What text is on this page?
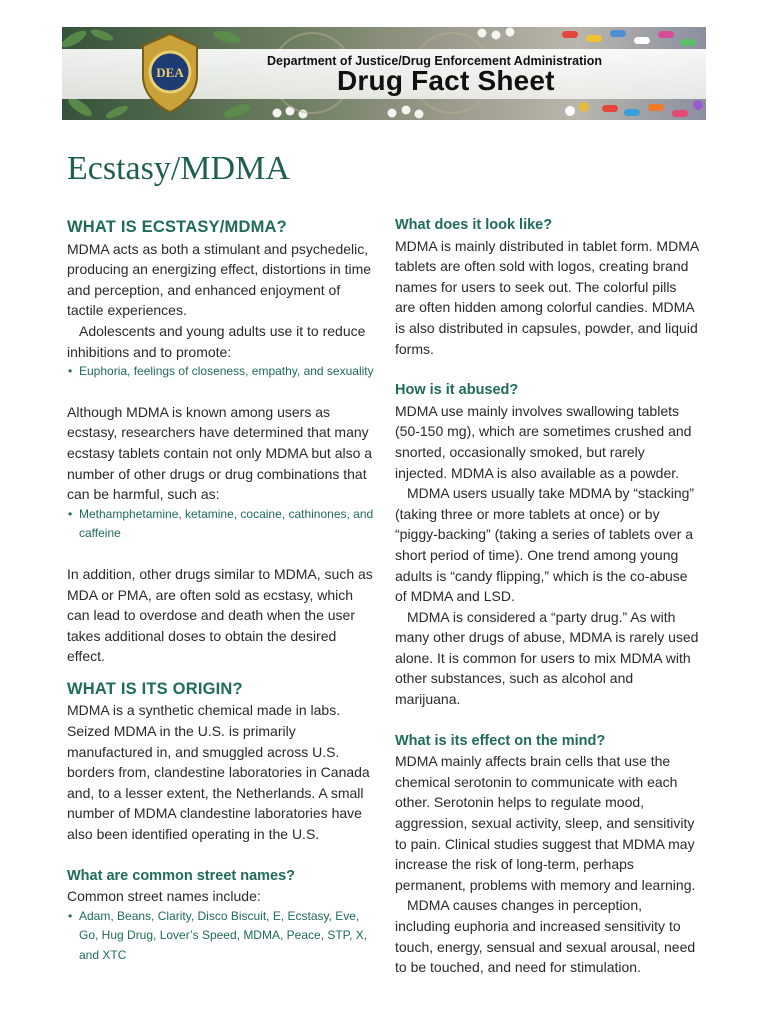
DEA
Department of Justice/Drug Enforcement Administration
Drug Fact Sheet
Ecstasy/MDMA
WHAT IS ECSTASY/MDMA?

MDMA acts as both a stimulant and psychedelic, producing an energizing effect, distortions in time and perception, and enhanced enjoyment of tactile experiences.

Adolescents and young adults use it to reduce inhibitions and to promote:

• Euphoria, feelings of closeness, empathy, and sexuality

Although MDMA is known among users as ecstasy, researchers have determined that many ecstasy tablets contain not only MDMA but also a number of other drugs or drug combinations that can be harmful, such as:

• Methamphetamine, ketamine, cocaine, cathinones, and caffeine

In addition, other drugs similar to MDMA, such as MDA or PMA, are often sold as ecstasy, which can lead to overdose and death when the user takes additional doses to obtain the desired effect.

WHAT IS ITS ORIGIN?

MDMA is a synthetic chemical made in labs. Seized MDMA in the U.S. is primarily manufactured in, and smuggled across U.S. borders from, clandestine laboratories in Canada and, to a lesser extent, the Netherlands. A small number of MDMA clandestine laboratories have also been identified operating in the U.S.

What are common street names?

Common street names include:

• Adam, Beans, Clarity, Disco Biscuit, E, Ecstasy, Eve, Go, Hug Drug, Lover’s Speed, MDMA, Peace, STP, X, and XTC

What does it look like?

MDMA is mainly distributed in tablet form. MDMA tablets are often sold with logos, creating brand names for users to seek out. The colorful pills are often hidden among colorful candies. MDMA is also distributed in capsules, powder, and liquid forms.

How is it abused?

MDMA use mainly involves swallowing tablets (50-150 mg), which are sometimes crushed and snorted, occasionally smoked, but rarely injected. MDMA is also available as a powder.

MDMA users usually take MDMA by “stacking” (taking three or more tablets at once) or by “piggy-backing” (taking a series of tablets over a short period of time). One trend among young adults is “candy flipping,” which is the co-abuse of MDMA and LSD.

MDMA is considered a “party drug.” As with many other drugs of abuse, MDMA is rarely used alone. It is common for users to mix MDMA with other substances, such as alcohol and marijuana.

What is its effect on the mind?

MDMA mainly affects brain cells that use the chemical serotonin to communicate with each other. Serotonin helps to regulate mood, aggression, sexual activity, sleep, and sensitivity to pain. Clinical studies suggest that MDMA may increase the risk of long-term, perhaps permanent, problems with memory and learning.

MDMA causes changes in perception, including euphoria and increased sensitivity to touch, energy, sensual and sexual arousal, need to be touched, and need for stimulation.
